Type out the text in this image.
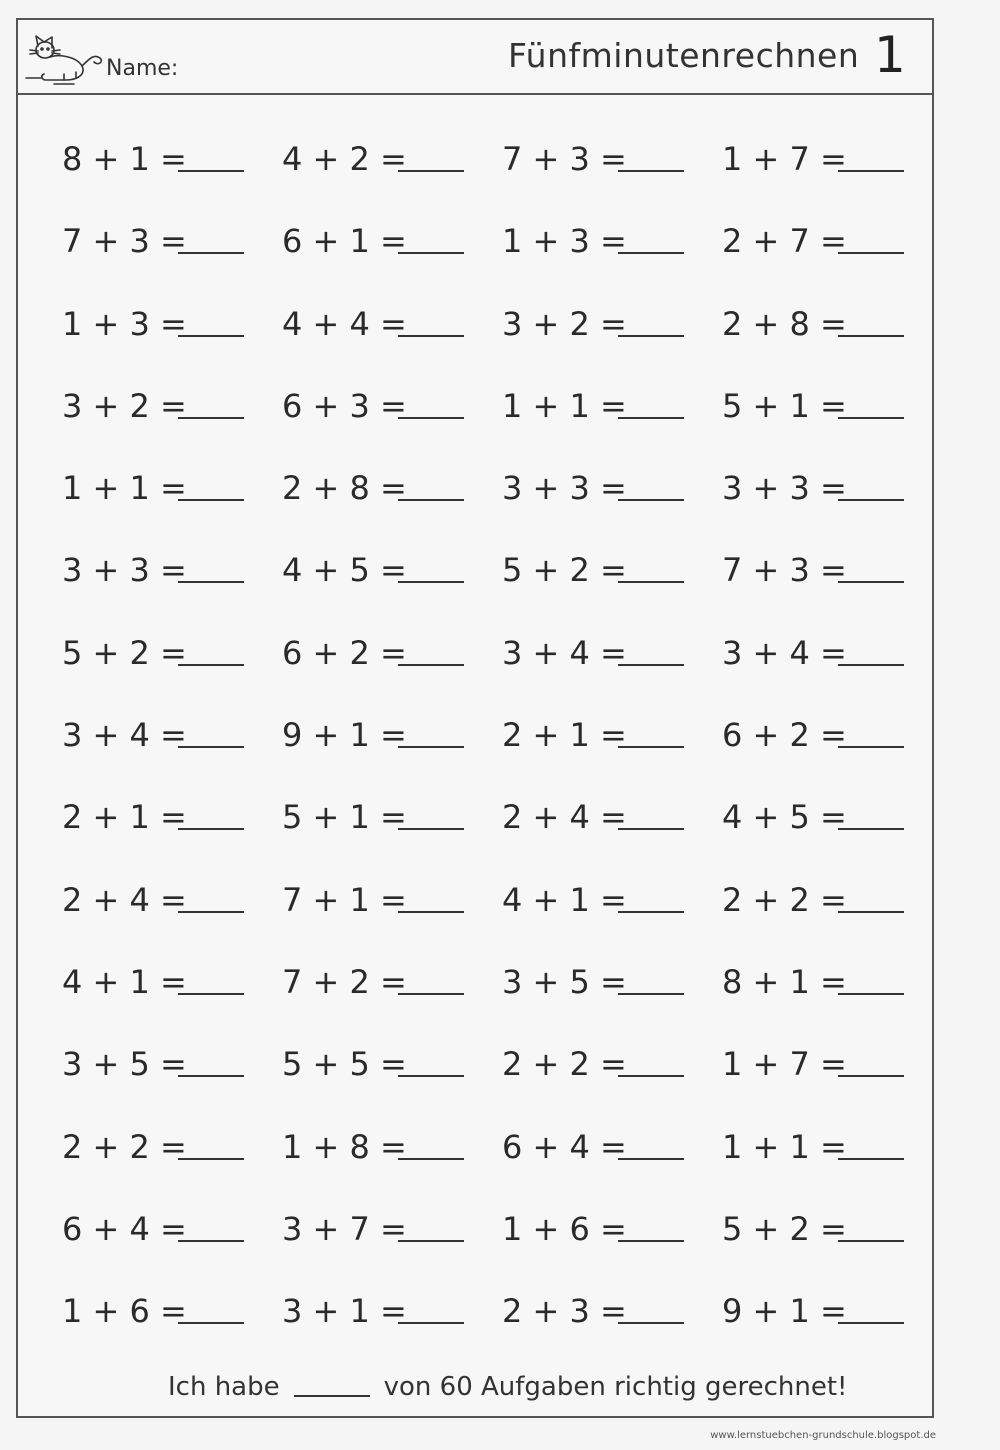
Name:	Fünfminutenrechnen 1
8 + 1 =	4 + 2 =	7 + 3 =	1 + 7 =
7 + 3 =	6 + 1 =	1 + 3 =	2 + 7 =
1 + 3 =	4 + 4 =	3 + 2 =	2 + 8 =
3 + 2 =	6 + 3 =	1 + 1 =	5 + 1 =
1 + 1 =	2 + 8 =	3 + 3 =	3 + 3 =
3 + 3 =	4 + 5 =	5 + 2 =	7 + 3 =
5 + 2 =	6 + 2 =	3 + 4 =	3 + 4 =
3 + 4 =	9 + 1 =	2 + 1 =	6 + 2 =
2 + 1 =	5 + 1 =	2 + 4 =	4 + 5 =
2 + 4 =	7 + 1 =	4 + 1 =	2 + 2 =
4 + 1 =	7 + 2 =	3 + 5 =	8 + 1 =
3 + 5 =	5 + 5 =	2 + 2 =	1 + 7 =
2 + 2 =	1 + 8 =	6 + 4 =	1 + 1 =
6 + 4 =	3 + 7 =	1 + 6 =	5 + 2 =
1 + 6 =	3 + 1 =	2 + 3 =	9 + 1 =
Ich habe	von 60 Aufgaben richtig gerechnet!
www.lernstuebchen-grundschule.blogspot.de
